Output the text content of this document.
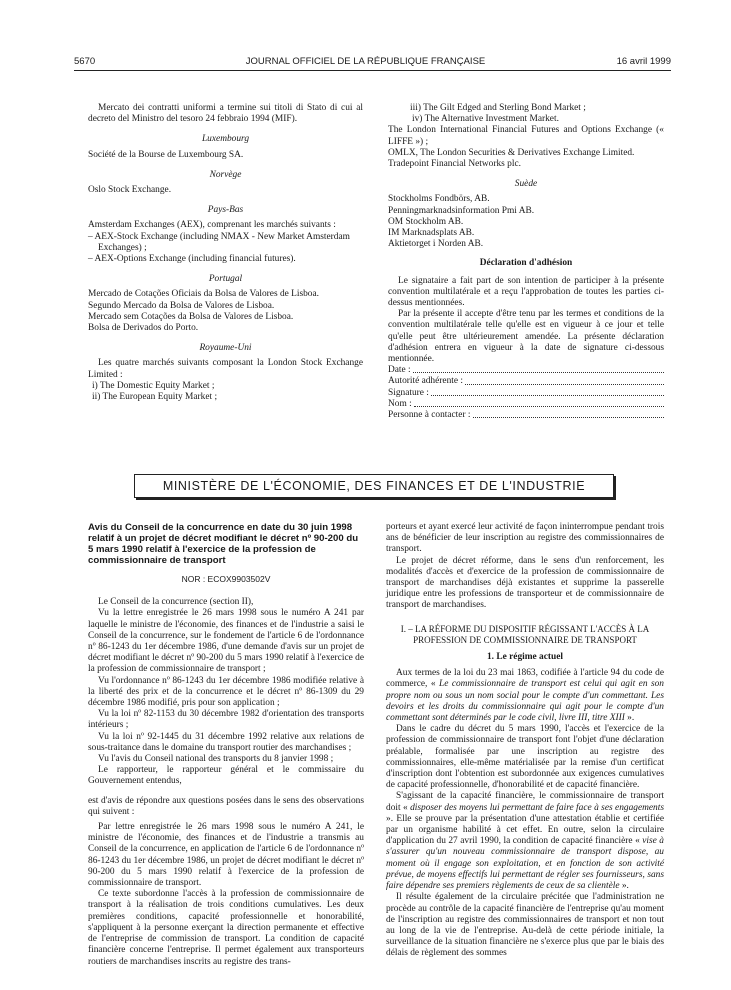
5670	JOURNAL OFFICIEL DE LA RÉPUBLIQUE FRANÇAISE	16 avril 1999

Mercato dei contratti uniformi a termine sui titoli di Stato di cui al decreto del Ministro del tesoro 24 febbraio 1994 (MIF).

Luxembourg

Société de la Bourse de Luxembourg SA.

Norvège

Oslo Stock Exchange.

Pays-Bas

Amsterdam Exchanges (AEX), comprenant les marchés suivants :

– AEX-Stock Exchange (including NMAX - New Market Amsterdam Exchanges) ;

– AEX-Options Exchange (including financial futures).

Portugal

Mercado de Cotações Oficiais da Bolsa de Valores de Lisboa.

Segundo Mercado da Bolsa de Valores de Lisboa.

Mercado sem Cotações da Bolsa de Valores de Lisboa.

Bolsa de Derivados do Porto.

Royaume-Uni

Les quatre marchés suivants composant la London Stock Exchange Limited :

i) The Domestic Equity Market ;

ii) The European Equity Market ;

iii) The Gilt Edged and Sterling Bond Market ;

iv) The Alternative Investment Market.

The London International Financial Futures and Options Exchange (« LIFFE ») ;

OMLX, The London Securities & Derivatives Exchange Limited.

Tradepoint Financial Networks plc.

Suède

Stockholms Fondbörs, AB.

Penningmarknadsinformation Pmi AB.

OM Stockholm AB.

IM Marknadsplats AB.

Aktietorget i Norden AB.

Déclaration d'adhésion

Le signataire a fait part de son intention de participer à la présente convention multilatérale et a reçu l'approbation de toutes les parties ci-dessus mentionnées.

Par la présente il accepte d'être tenu par les termes et conditions de la convention multilatérale telle qu'elle est en vigueur à ce jour et telle qu'elle peut être ultérieurement amendée. La présente déclaration d'adhésion entrera en vigueur à la date de signature ci-dessous mentionnée.

Date :
Autorité adhérente :
Signature :
Nom :
Personne à contacter :
MINISTÈRE DE L'ÉCONOMIE, DES FINANCES ET DE L'INDUSTRIE

Avis du Conseil de la concurrence en date du 30 juin 1998 relatif à un projet de décret modifiant le décret nº 90-200 du 5 mars 1990 relatif à l'exercice de la profession de commissionnaire de transport

NOR : ECOX9903502V

Le Conseil de la concurrence (section II),

Vu la lettre enregistrée le 26 mars 1998 sous le numéro A 241 par laquelle le ministre de l'économie, des finances et de l'industrie a saisi le Conseil de la concurrence, sur le fondement de l'article 6 de l'ordonnance nº 86-1243 du 1er décembre 1986, d'une demande d'avis sur un projet de décret modifiant le décret nº 90-200 du 5 mars 1990 relatif à l'exercice de la profession de commissionnaire de transport ;

Vu l'ordonnance nº 86-1243 du 1er décembre 1986 modifiée relative à la liberté des prix et de la concurrence et le décret nº 86-1309 du 29 décembre 1986 modifié, pris pour son application ;

Vu la loi nº 82-1153 du 30 décembre 1982 d'orientation des transports intérieurs ;

Vu la loi nº 92-1445 du 31 décembre 1992 relative aux relations de sous-traitance dans le domaine du transport routier des marchandises ;

Vu l'avis du Conseil national des transports du 8 janvier 1998 ;

Le rapporteur, le rapporteur général et le commissaire du Gouvernement entendus,

est d'avis de répondre aux questions posées dans le sens des observations qui suivent :

Par lettre enregistrée le 26 mars 1998 sous le numéro A 241, le ministre de l'économie, des finances et de l'industrie a transmis au Conseil de la concurrence, en application de l'article 6 de l'ordonnance nº 86-1243 du 1er décembre 1986, un projet de décret modifiant le décret nº 90-200 du 5 mars 1990 relatif à l'exercice de la profession de commissionnaire de transport.

Ce texte subordonne l'accès à la profession de commissionnaire de transport à la réalisation de trois conditions cumulatives. Les deux premières conditions, capacité professionnelle et honorabilité, s'appliquent à la personne exerçant la direction permanente et effective de l'entreprise de commission de transport. La condition de capacité financière concerne l'entreprise. Il permet également aux transporteurs routiers de marchandises inscrits au registre des trans-

porteurs et ayant exercé leur activité de façon ininterrompue pendant trois ans de bénéficier de leur inscription au registre des commissionnaires de transport.

Le projet de décret réforme, dans le sens d'un renforcement, les modalités d'accès et d'exercice de la profession de commissionnaire de transport de marchandises déjà existantes et supprime la passerelle juridique entre les professions de transporteur et de commissionnaire de transport de marchandises.

I. – LA RÉFORME DU DISPOSITIF RÉGISSANT L'ACCÈS À LA PROFESSION DE COMMISSIONNAIRE DE TRANSPORT

1. Le régime actuel

Aux termes de la loi du 23 mai 1863, codifiée à l'article 94 du code de commerce, « Le commissionnaire de transport est celui qui agit en son propre nom ou sous un nom social pour le compte d'un commettant. Les devoirs et les droits du commissionnaire qui agit pour le compte d'un commettant sont déterminés par le code civil, livre III, titre XIII ».

Dans le cadre du décret du 5 mars 1990, l'accès et l'exercice de la profession de commissionnaire de transport font l'objet d'une déclaration préalable, formalisée par une inscription au registre des commissionnaires, elle-même matérialisée par la remise d'un certificat d'inscription dont l'obtention est subordonnée aux exigences cumulatives de capacité professionnelle, d'honorabilité et de capacité financière.

S'agissant de la capacité financière, le commissionnaire de transport doit « disposer des moyens lui permettant de faire face à ses engagements ». Elle se prouve par la présentation d'une attestation établie et certifiée par un organisme habilité à cet effet. En outre, selon la circulaire d'application du 27 avril 1990, la condition de capacité financière « vise à s'assurer qu'un nouveau commissionnaire de transport dispose, au moment où il engage son exploitation, et en fonction de son activité prévue, de moyens effectifs lui permettant de régler ses fournisseurs, sans faire dépendre ses premiers règlements de ceux de sa clientèle ».

Il résulte également de la circulaire précitée que l'administration ne procède au contrôle de la capacité financière de l'entreprise qu'au moment de l'inscription au registre des commissionnaires de transport et non tout au long de la vie de l'entreprise. Au-delà de cette période initiale, la surveillance de la situation financière ne s'exerce plus que par le biais des délais de règlement des sommes
